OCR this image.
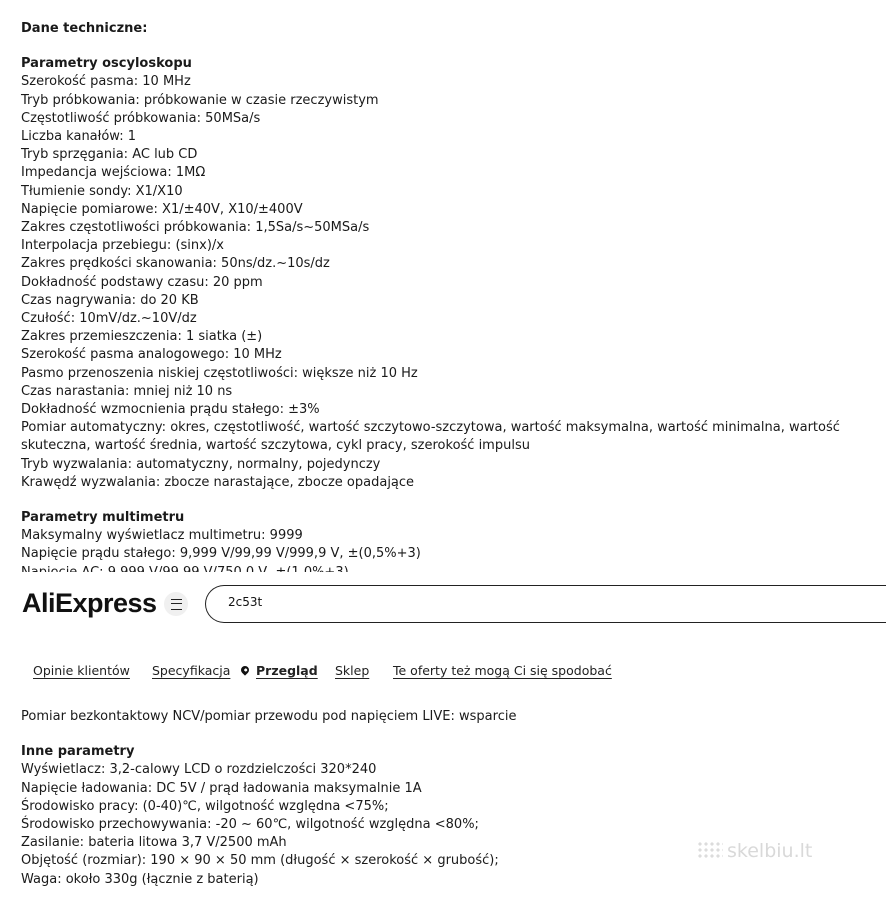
Dane techniczne:
Parametry oscyloskopu
Szerokość pasma: 10 MHz
Tryb próbkowania: próbkowanie w czasie rzeczywistym
Częstotliwość próbkowania: 50MSa/s
Liczba kanałów: 1
Tryb sprzęgania: AC lub CD
Impedancja wejściowa: 1MΩ
Tłumienie sondy: X1/X10
Napięcie pomiarowe: X1/±40V, X10/±400V
Zakres częstotliwości próbkowania: 1,5Sa/s~50MSa/s
Interpolacja przebiegu: (sinx)/x
Zakres prędkości skanowania: 50ns/dz.~10s/dz
Dokładność podstawy czasu: 20 ppm
Czas nagrywania: do 20 KB
Czułość: 10mV/dz.~10V/dz
Zakres przemieszczenia: 1 siatka (±)
Szerokość pasma analogowego: 10 MHz
Pasmo przenoszenia niskiej częstotliwości: większe niż 10 Hz
Czas narastania: mniej niż 10 ns
Dokładność wzmocnienia prądu stałego: ±3%
Pomiar automatyczny: okres, częstotliwość, wartość szczytowo-szczytowa, wartość maksymalna, wartość minimalna, wartość skuteczna, wartość średnia, wartość szczytowa, cykl pracy, szerokość impulsu
Tryb wyzwalania: automatyczny, normalny, pojedynczy
Krawędź wyzwalania: zbocze narastające, zbocze opadające
Parametry multimetru
Maksymalny wyświetlacz multimetru: 9999
Napięcie prądu stałego: 9,999 V/99,99 V/999,9 V, ±(0,5%+3)
AliExpress
2c53t
Opinie klientów Specyfikacja Przegląd Sklep Te oferty też mogą Ci się spodobać
Pomiar bezkontaktowy NCV/pomiar przewodu pod napięciem LIVE: wsparcie
Inne parametry
Wyświetlacz: 3,2-calowy LCD o rozdzielczości 320*240
Napięcie ładowania: DC 5V / prąd ładowania maksymalnie 1A
Środowisko pracy: (0-40)℃, wilgotność względna <75%;
Środowisko przechowywania: -20 ~ 60℃, wilgotność względna <80%;
Zasilanie: bateria litowa 3,7 V/2500 mAh
Objętość (rozmiar): 190 × 90 × 50 mm (długość × szerokość × grubość);
Waga: około 330g (łącznie z baterią)
skelbiu.lt
